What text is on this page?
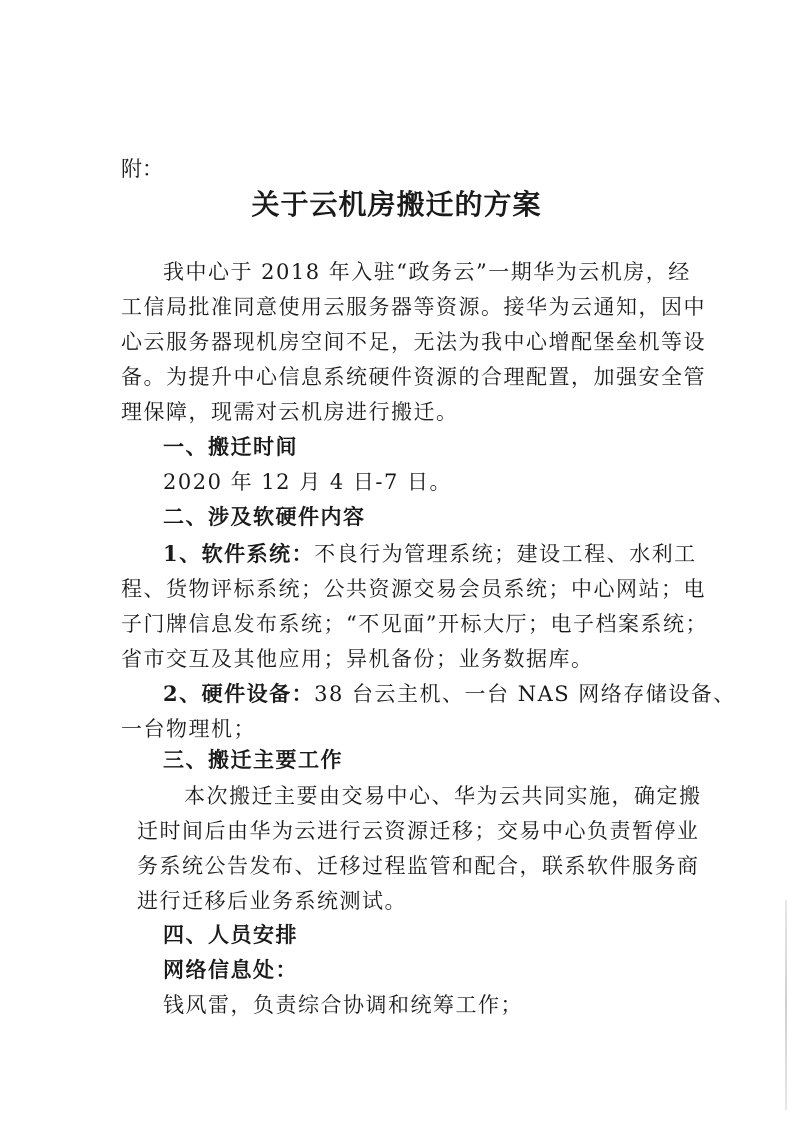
附：
关于云机房搬迁的方案
我中心于 2018 年入驻“政务云”一期华为云机房，经
工信局批准同意使用云服务器等资源。接华为云通知，因中
心云服务器现机房空间不足，无法为我中心增配堡垒机等设
备。为提升中心信息系统硬件资源的合理配置，加强安全管
理保障，现需对云机房进行搬迁。
一、搬迁时间
2020 年 12 月 4 日-7 日。
二、涉及软硬件内容
1、软件系统：不良行为管理系统；建设工程、水利工
程、货物评标系统；公共资源交易会员系统；中心网站；电
子门牌信息发布系统；“不见面”开标大厅；电子档案系统；
省市交互及其他应用；异机备份；业务数据库。
2、硬件设备：38 台云主机、一台 NAS 网络存储设备、
一台物理机；
三、搬迁主要工作
本次搬迁主要由交易中心、华为云共同实施，确定搬
迁时间后由华为云进行云资源迁移；交易中心负责暂停业
务系统公告发布、迁移过程监管和配合，联系软件服务商
进行迁移后业务系统测试。
四、人员安排
网络信息处：
钱风雷，负责综合协调和统筹工作；
